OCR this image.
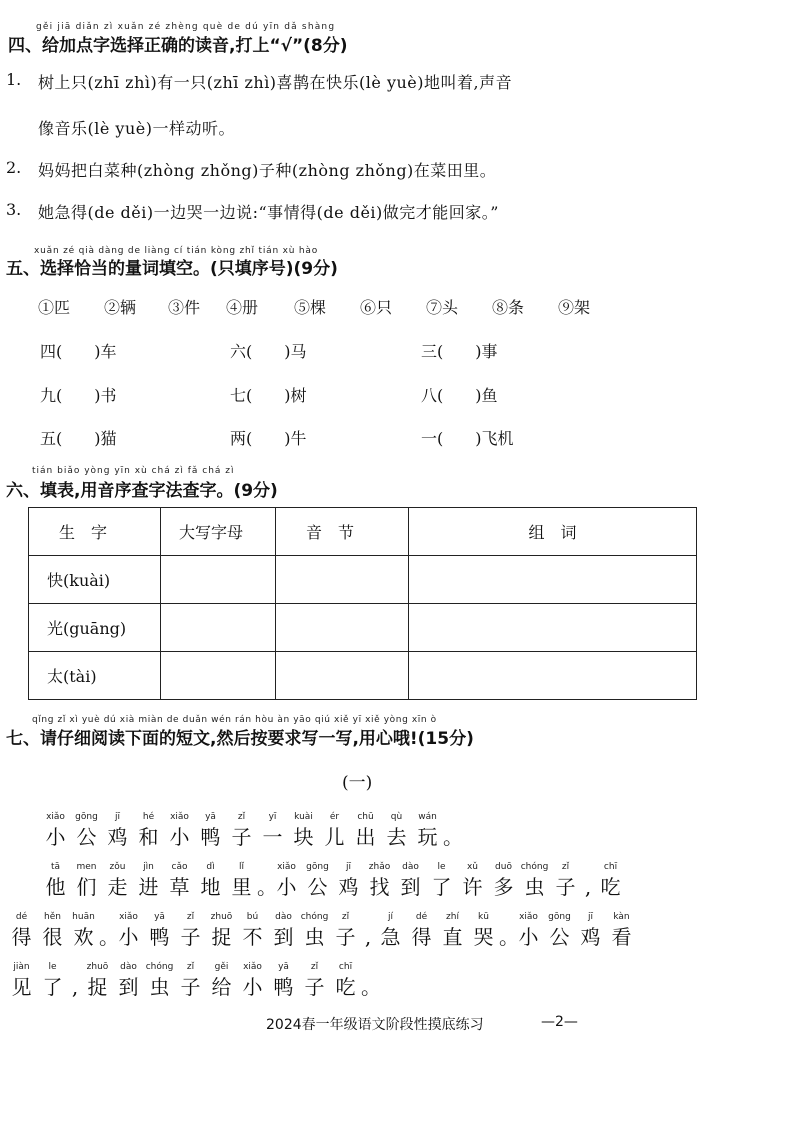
gěi jiā diǎn zì xuǎn zé zhèng què de dú yīn dǎ shàng
四、给加点字选择正确的读音,打上“√”(8分)
1. 树上只(zhī zhì)有一只(zhī zhì)喜鹊在快乐(lè yuè)地叫着,声音
像音乐(lè yuè)一样动听。
2. 妈妈把白菜种(zhòng zhǒng)子种(zhòng zhǒng)在菜田里。
3. 她急得(de děi)一边哭一边说:“事情得(de děi)做完才能回家。”
xuǎn zé qià dàng de liàng cí tián kòng zhǐ tián xù hào
五、选择恰当的量词填空。(只填序号)(9分)
①匹 ②辆 ③件 ④册 ⑤棵 ⑥只 ⑦头 ⑧条 ⑨架
四(　　)车	六(　　)马	三(　　)事
九(　　)书	七(　　)树	八(　　)鱼
五(　　)猫	两(　　)牛	一(　　)飞机
tián biǎo yòng yīn xù chá zì fǎ chá zì
六、填表,用音序查字法查字。(9分)
生　字	大写字母	音　节	组　词
快(kuài)			
光(guāng)			
太(tài)			
qǐng zǐ xì yuè dú xià miàn de duǎn wén rán hòu àn yāo qiú xiě yī xiě yòng xīn ò
七、请仔细阅读下面的短文,然后按要求写一写,用心哦!(15分)
(一)
xiǎo
小
gōng
公
jī
鸡
hé
和
xiǎo
小
yā
鸭
zǐ
子
yī
一
kuài
块
ér
儿
chū
出
qù
去
wán
玩 。
tā
他
men
们
zǒu
走
jìn
进
cǎo
草
dì
地
lǐ
里 。
xiǎo
小
gōng
公
jī
鸡
zhǎo
找
dào
到
le
了
xǔ
许
duō
多
chóng
虫
zǐ
子 ,
chī
吃
dé
得
hěn
很
huān
欢 。
xiǎo
小
yā
鸭
zǐ
子
zhuō
捉
bú
不
dào
到
chóng
虫
zǐ
子 ,
jí
急
dé
得
zhí
直
kū
哭 。
xiǎo
小
gōng
公
jī
鸡
kàn
看
jiàn
见
le
了 ,
zhuō
捉
dào
到
chóng
虫
zǐ
子
gěi
给
xiǎo
小
yā
鸭
zǐ
子
chī
吃 。
2024春一年级语文阶段性摸底练习	—2—
